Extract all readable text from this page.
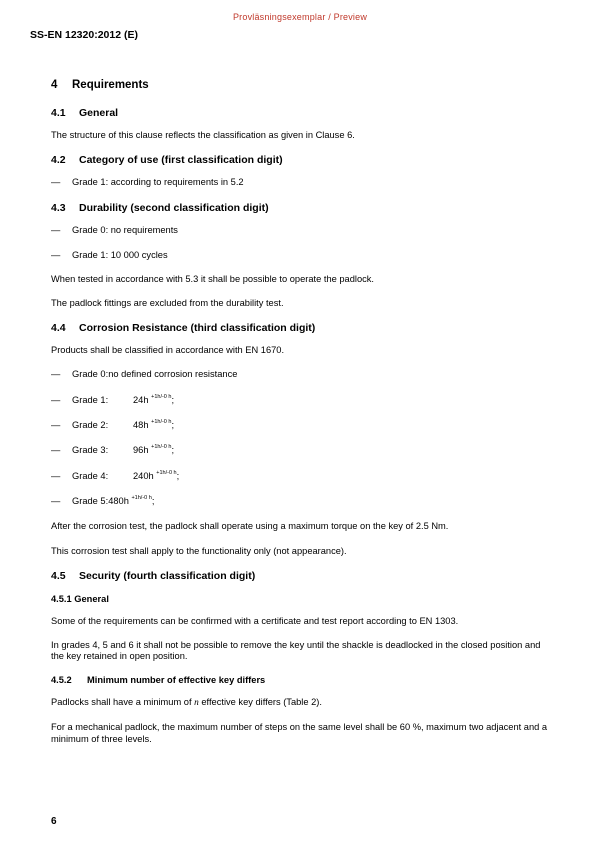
Provläsningsexemplar / Preview
SS-EN 12320:2012 (E)
4 Requirements
4.1 General

The structure of this clause reflects the classification as given in Clause 6.

4.2 Category of use (first classification digit)
— Grade 1: according to requirements in 5.2
4.3 Durability (second classification digit)
— Grade 0: no requirements
— Grade 1: 10 000 cycles

When tested in accordance with 5.3 it shall be possible to operate the padlock.

The padlock fittings are excluded from the durability test.

4.4 Corrosion Resistance (third classification digit)

Products shall be classified in accordance with EN 1670.

— Grade 0:no defined corrosion resistance
— Grade 1:	24h $^{+1h/-0 h}$;
— Grade 2:	48h $^{+1h/-0 h}$;
— Grade 3:	96h $^{+1h/-0 h}$;
— Grade 4:	240h $^{+1h/-0 h}$;
— Grade 5:480h $^{+1h/-0 h}$;

After the corrosion test, the padlock shall operate using a maximum torque on the key of 2.5 Nm.

This corrosion test shall apply to the functionality only (not appearance).

4.5 Security (fourth classification digit)
4.5.1 General

Some of the requirements can be confirmed with a certificate and test report according to EN 1303.

In grades 4, 5 and 6 it shall not be possible to remove the key until the shackle is deadlocked in the closed position and the key retained in open position.

4.5.2 Minimum number of effective key differs

Padlocks shall have a minimum of n effective key differs (Table 2).

For a mechanical padlock, the maximum number of steps on the same level shall be 60 %, maximum two adjacent and a minimum of three levels.

6
